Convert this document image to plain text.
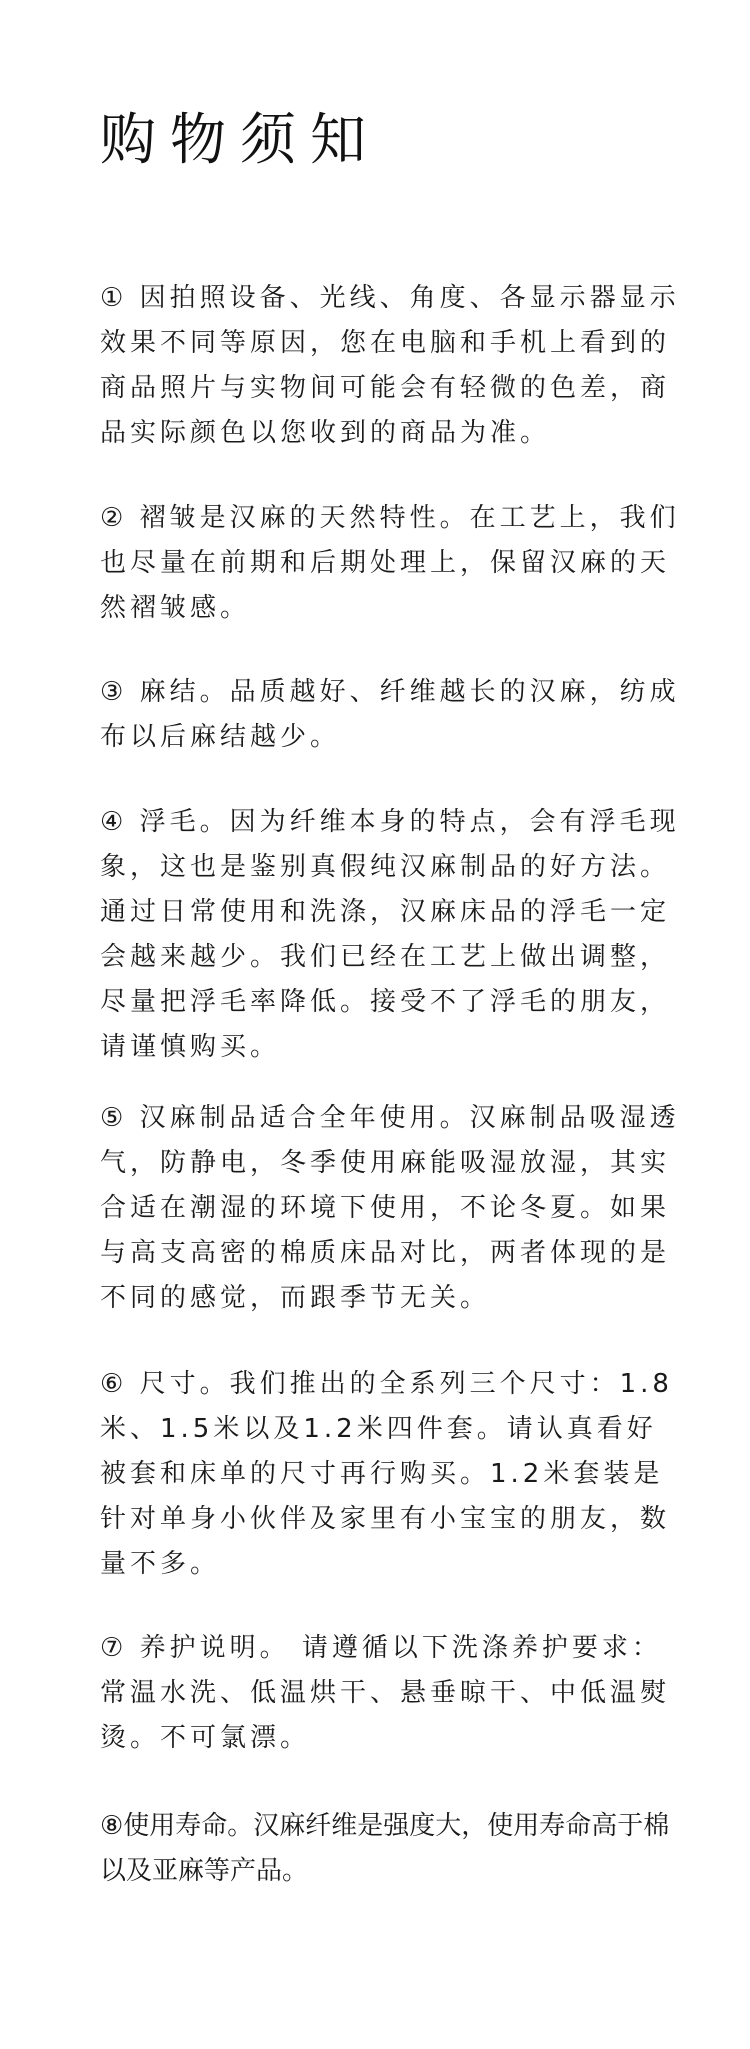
购物须知

① 因拍照设备、光线、角度、各显示器显示效果不同等原因，您在电脑和手机上看到的商品照片与实物间可能会有轻微的色差，商品实际颜色以您收到的商品为准。

② 褶皱是汉麻的天然特性。在工艺上，我们也尽量在前期和后期处理上，保留汉麻的天然褶皱感。

③ 麻结。品质越好、纤维越长的汉麻，纺成布以后麻结越少。

④ 浮毛。因为纤维本身的特点，会有浮毛现象，这也是鉴别真假纯汉麻制品的好方法。通过日常使用和洗涤，汉麻床品的浮毛一定会越来越少。我们已经在工艺上做出调整，尽量把浮毛率降低。接受不了浮毛的朋友，请谨慎购买。

⑤ 汉麻制品适合全年使用。汉麻制品吸湿透气，防静电，冬季使用麻能吸湿放湿，其实合适在潮湿的环境下使用，不论冬夏。如果与高支高密的棉质床品对比，两者体现的是不同的感觉，而跟季节无关。

⑥ 尺寸。我们推出的全系列三个尺寸：1.8米、1.5米以及1.2米四件套。请认真看好被套和床单的尺寸再行购买。1.2米套装是针对单身小伙伴及家里有小宝宝的朋友，数量不多。

⑦ 养护说明。 请遵循以下洗涤养护要求：常温水洗、低温烘干、悬垂晾干、中低温熨烫。不可氯漂。

⑧使用寿命。汉麻纤维是强度大，使用寿命高于棉以及亚麻等产品。
